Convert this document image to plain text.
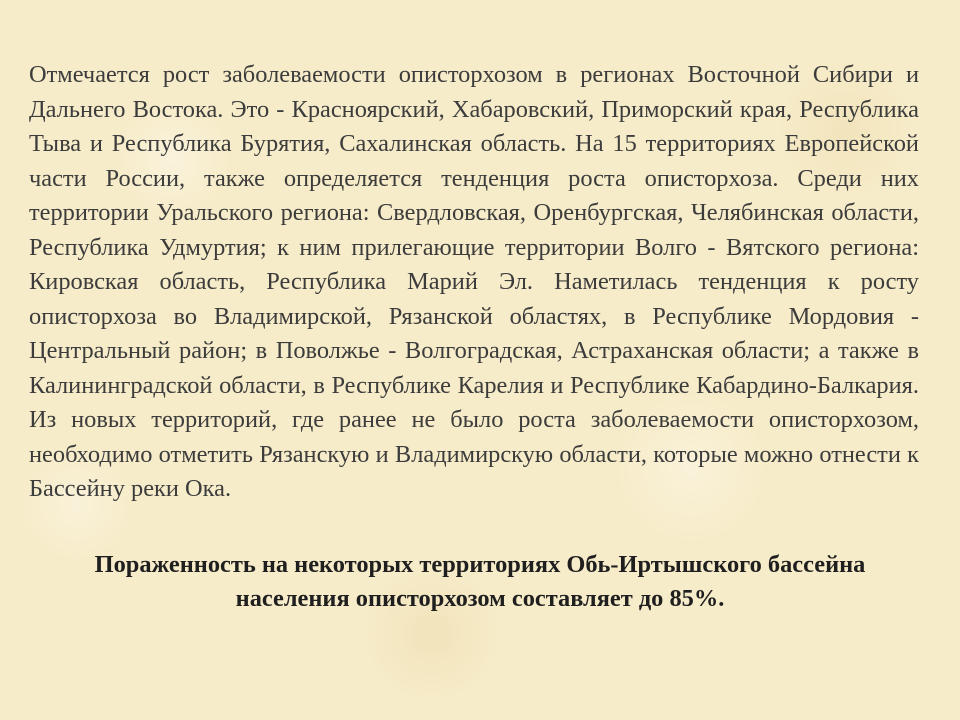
Отмечается рост заболеваемости описторхозом в регионах Восточной Сибири и Дальнего Востока. Это - Красноярский, Хабаровский, Приморский края, Республика Тыва и Республика Бурятия, Сахалинская область. На 15 территориях Европейской части России, также определяется тенденция роста описторхоза. Среди них территории Уральского региона: Свердловская, Оренбургская, Челябинская области, Республика Удмуртия; к ним прилегающие территории Волго - Вятского региона: Кировская область, Республика Марий Эл. Наметилась тенденция к росту описторхоза во Владимирской, Рязанской областях, в Республике Мордовия - Центральный район; в Поволжье - Волгоградская, Астраханская области; а также в Калининградской области, в Республике Карелия и Республике Кабардино-Балкария. Из новых территорий, где ранее не было роста заболеваемости описторхозом, необходимо отметить Рязанскую и Владимирскую области, которые можно отнести к Бассейну реки Ока.

Пораженность на некоторых территориях Обь-Иртышского бассейна населения описторхозом составляет до 85%.
